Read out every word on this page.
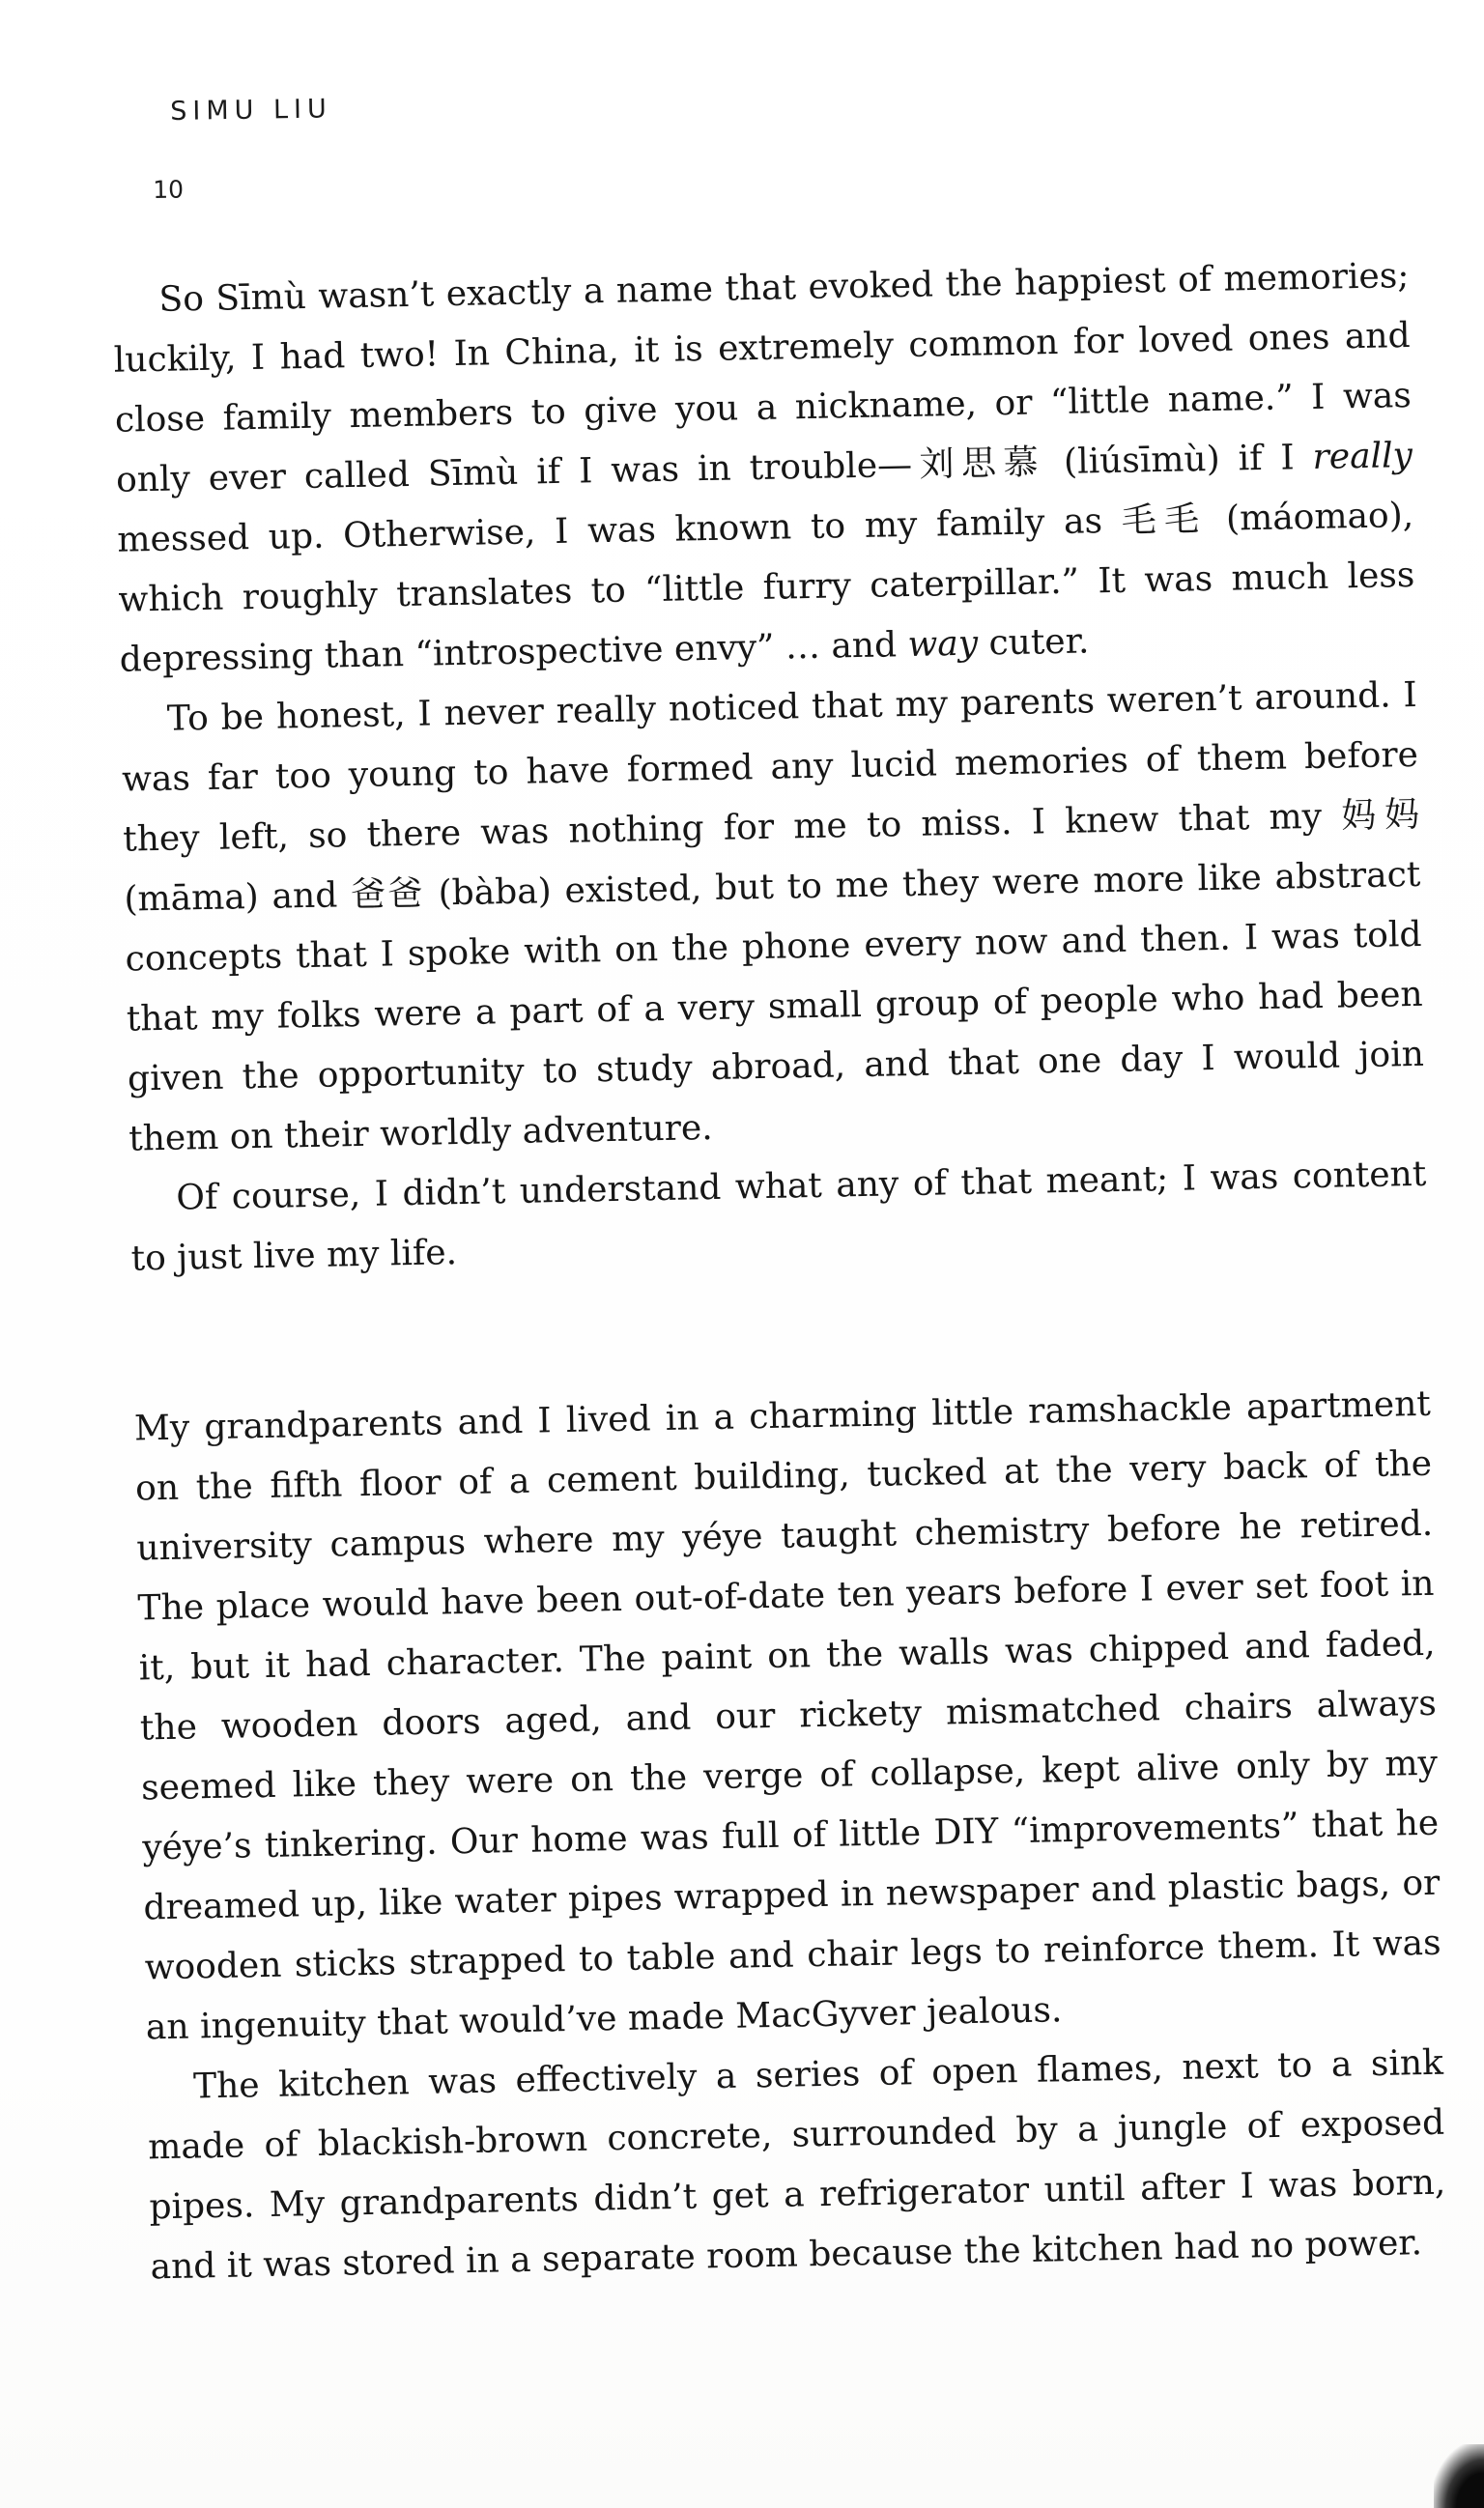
SIMU LIU
10

So Sīmù wasn’t exactly a name that evoked the happiest of memories; luckily, I had two! In China, it is extremely common for loved ones and close family members to give you a nickname, or “little name.” I was only ever called Sīmù if I was in trouble—刘思慕 (liúsīmù) if I really messed up. Otherwise, I was known to my family as 毛毛 (máomao), which roughly translates to “little furry caterpillar.” It was much less depressing than “introspective envy” … and way cuter.

To be honest, I never really noticed that my parents weren’t around. I was far too young to have formed any lucid memories of them before they left, so there was nothing for me to miss. I knew that my 妈妈 (māma) and 爸爸 (bàba) existed, but to me they were more like abstract concepts that I spoke with on the phone every now and then. I was told that my folks were a part of a very small group of people who had been given the opportunity to study abroad, and that one day I would join them on their worldly adventure.

Of course, I didn’t understand what any of that meant; I was content to just live my life.

My grandparents and I lived in a charming little ramshackle apartment on the fifth floor of a cement building, tucked at the very back of the university campus where my yéye taught chemistry before he retired. The place would have been out-of-date ten years before I ever set foot in it, but it had character. The paint on the walls was chipped and faded, the wooden doors aged, and our rickety mismatched chairs always seemed like they were on the verge of collapse, kept alive only by my yéye’s tinkering. Our home was full of little DIY “improvements” that he dreamed up, like water pipes wrapped in newspaper and plastic bags, or wooden sticks strapped to table and chair legs to reinforce them. It was an ingenuity that would’ve made MacGyver jealous.

The kitchen was effectively a series of open flames, next to a sink made of blackish-brown concrete, surrounded by a jungle of exposed pipes. My grandparents didn’t get a refrigerator until after I was born, and it was stored in a separate room because the kitchen had no power.
